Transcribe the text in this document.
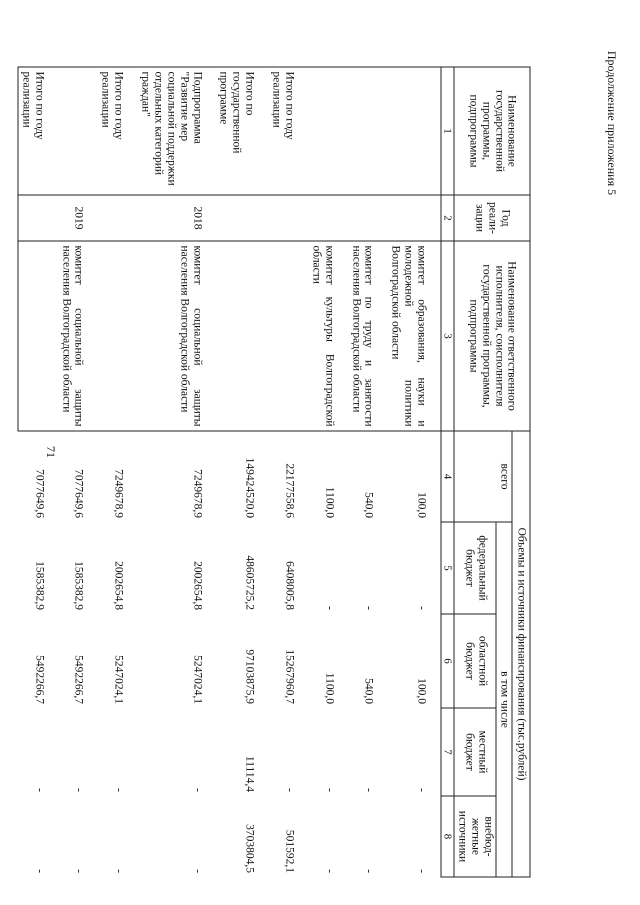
71
Продолжение приложения 5
Наименование государственной программы, подпрограммы	Год реали-зации	Наименование ответственного исполнителя, соисполнителя государственной программы, подпрограммы	Объемы и источники финансирования (тыс.рублей)				
			всего	в том числе			
				федеральный бюджет	областной бюджет	местный бюджет	внебюд-жетные источники
1	2	3	4	5	6	7	8

		комитет образования, науки и молодежной политики Волгоградской области	100,0	-	100,0	-	-

		комитет по труду и занятости населения Волгоградской области	540,0	-	540,0	-	-

		комитет культуры Волгоградской области	1100,0	-	1100,0	-	-

Итого по году реализации			22177558,6	6408005,8	15267960,7	-	501592,1

Итого по государственной программе			149424520,0	48605725,2	97103875,9	11114,4	3703804,5

Подпрограмма "Развитие мер социальной поддержки отдельных категорий граждан"	2018	комитет социальной защиты населения Волгоградской области	7249678,9	2002654,8	5247024,1	-	-

Итого по году реализации			7249678,9	2002654,8	5247024,1	-	-

	2019	комитет социальной защиты населения Волгоградской области	7077649,6	1585382,9	5492266,7	-	-

Итого по году реализации			7077649,6	1585382,9	5492266,7	-	-
